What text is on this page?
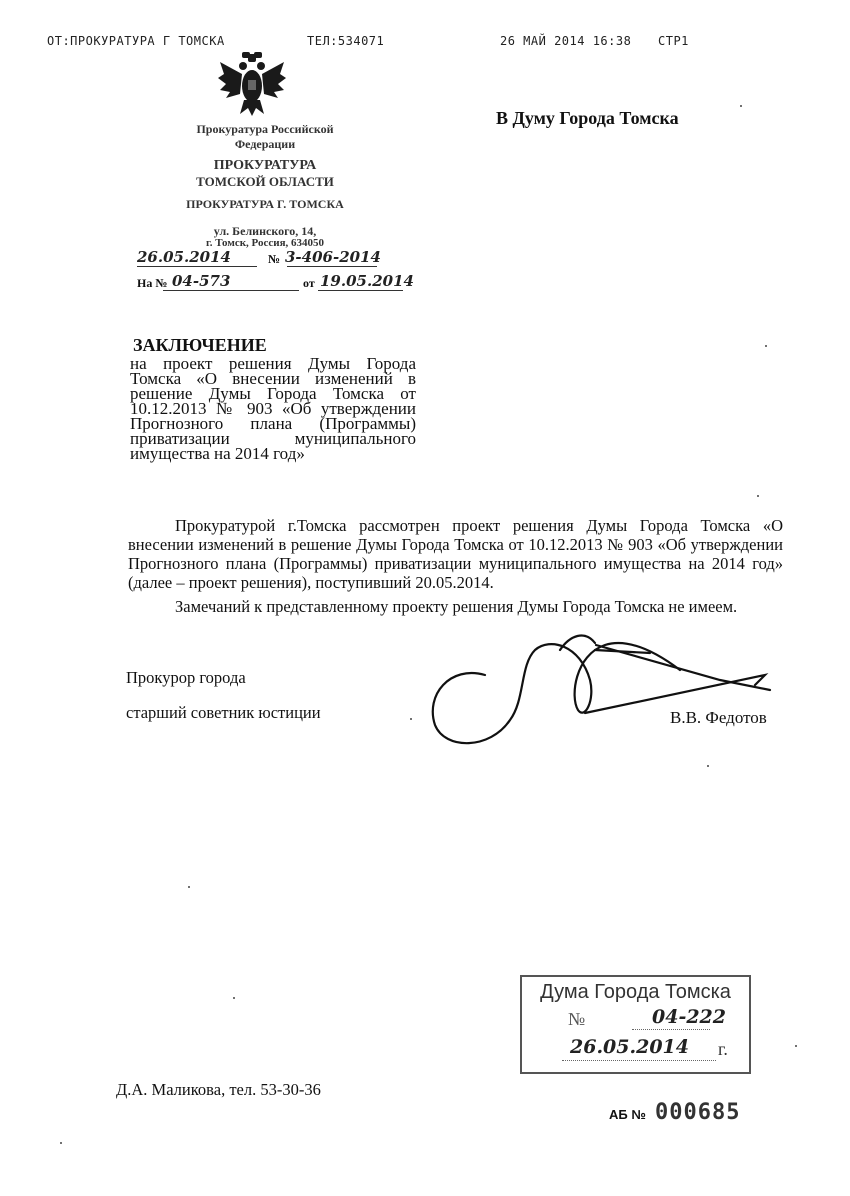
ОТ:ПРОКУРАТУРА Г ТОМСКА	ТЕЛ:534071	26 МАЙ 2014 16:38 СТР1
Прокуратура Российской
Федерации
ПРОКУРАТУРА
ТОМСКОЙ ОБЛАСТИ
ПРОКУРАТУРА Г. ТОМСКА
ул. Белинского, 14,
г. Томск, Россия, 634050
26.05.2014	№ 3-406-2014
На № 04-573	от 19.05.2014
В Думу Города Томска
ЗАКЛЮЧЕНИЕ
на проект решения Думы Города Томска «О внесении изменений в решение Думы Города Томска от 10.12.2013 № 903 «Об утверждении Прогнозного плана (Программы) приватизации муниципального имущества на 2014 год»
Прокуратурой г.Томска рассмотрен проект решения Думы Города Томска «О внесении изменений в решение Думы Города Томска от 10.12.2013 № 903 «Об утверждении Прогнозного плана (Программы) приватизации муниципального имущества на 2014 год» (далее – проект решения), поступивший 20.05.2014.
Замечаний к представленному проекту решения Думы Города Томска не имеем.
Прокурор города
старший советник юстиции	В.В. Федотов
Д.А. Маликова, тел. 53-30-36
Дума Города Томска
№	04-222
26.05.2014 г.
АБ № 000685
